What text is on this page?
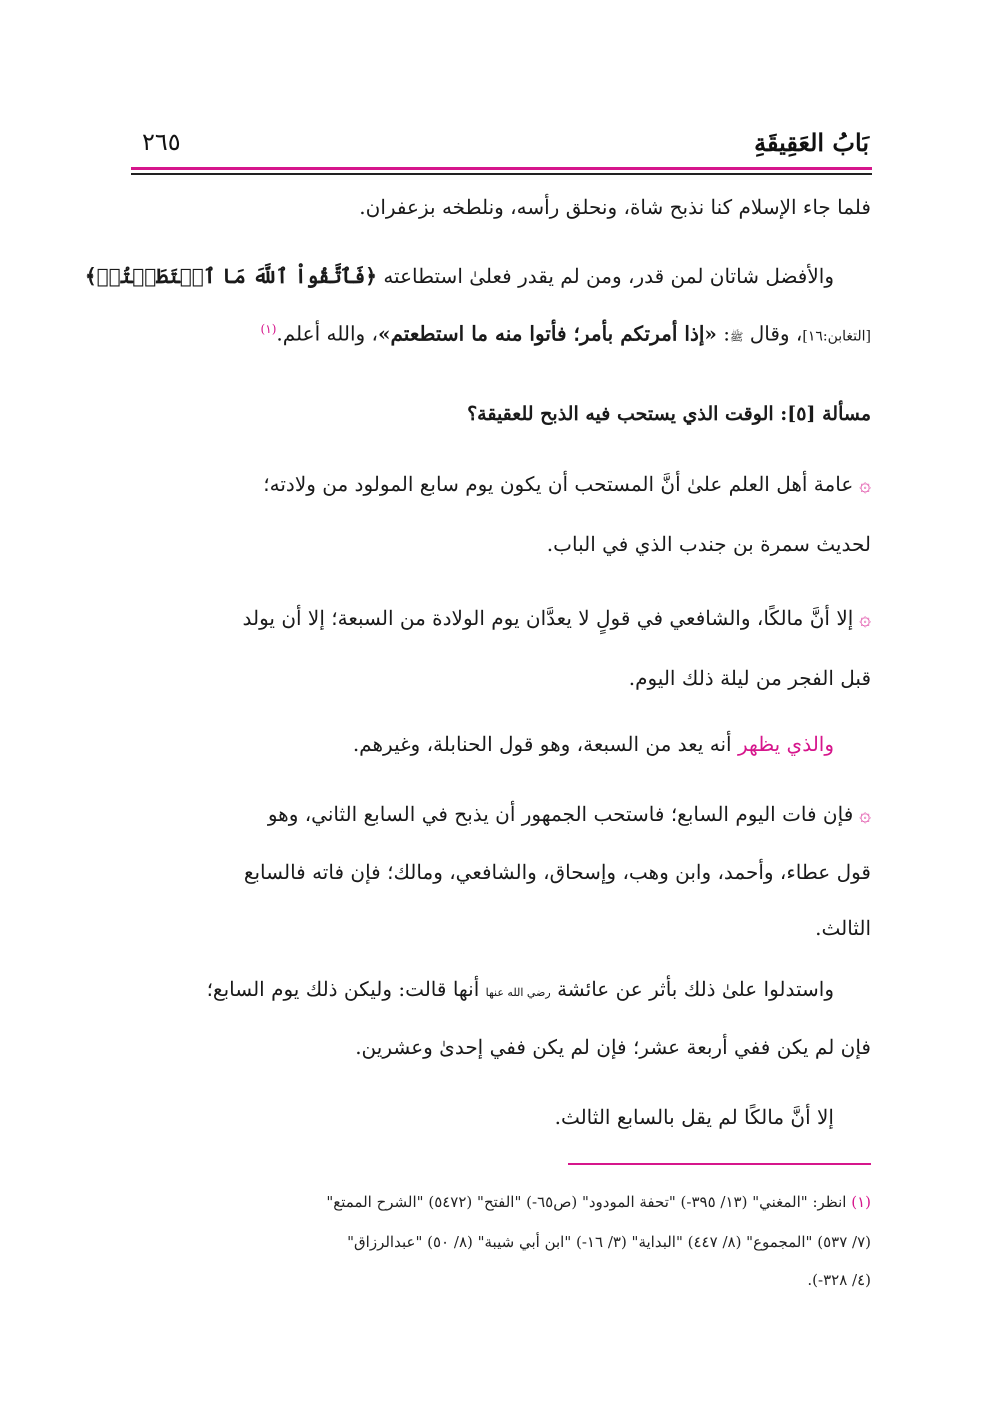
بَابُ العَقِيقَةِ
٢٦٥
فلما جاء الإسلام كنا نذبح شاة، ونحلق رأسه، ونلطخه بزعفران.
والأفضل شاتان لمن قدر، ومن لم يقدر فعلىٰ استطاعته ﴿فَٱتَّقُواْ ٱللَّهَ مَا ٱسۡتَطَعۡتُمۡ﴾
[التغابن:١٦]، وقال ﷺ: «إذا أمرتكم بأمر؛ فأتوا منه ما استطعتم»، والله أعلم.$^{(١)}$
مسألة [٥]: الوقت الذي يستحب فيه الذبح للعقيقة؟
۞عامة أهل العلم علىٰ أنَّ المستحب أن يكون يوم سابع المولود من ولادته؛
لحديث سمرة بن جندب الذي في الباب.
۞إلا أنَّ مالكًا، والشافعي في قولٍ لا يعدَّان يوم الولادة من السبعة؛ إلا أن يولد
قبل الفجر من ليلة ذلك اليوم.
والذي يظهر أنه يعد من السبعة، وهو قول الحنابلة، وغيرهم.
۞فإن فات اليوم السابع؛ فاستحب الجمهور أن يذبح في السابع الثاني، وهو
قول عطاء، وأحمد، وابن وهب، وإسحاق، والشافعي، ومالك؛ فإن فاته فالسابع
الثالث.
واستدلوا علىٰ ذلك بأثر عن عائشة رضي الله عنها أنها قالت: وليكن ذلك يوم السابع؛
فإن لم يكن ففي أربعة عشر؛ فإن لم يكن ففي إحدىٰ وعشرين.
إلا أنَّ مالكًا لم يقل بالسابع الثالث.
(١) انظر: "المغني" (١٣/ ٣٩٥-) "تحفة المودود" (ص٦٥-) "الفتح" (٥٤٧٢) "الشرح الممتع"
(٧/ ٥٣٧) "المجموع" (٨/ ٤٤٧) "البداية" (٣/ ١٦-) "ابن أبي شيبة" (٨/ ٥٠) "عبدالرزاق"
(٤/ ٣٢٨-).
